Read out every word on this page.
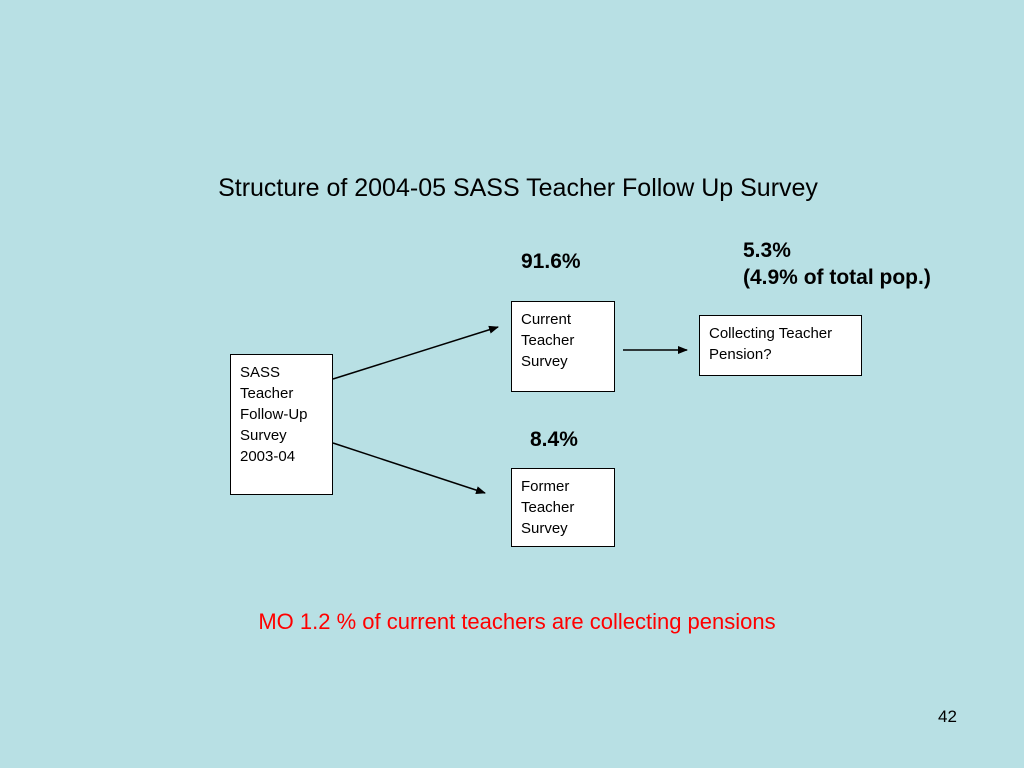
Structure of 2004-05 SASS Teacher Follow Up Survey
SASS
Teacher
Follow-Up
Survey
2003-04
Current
Teacher
Survey
Former
Teacher
Survey
Collecting Teacher
Pension?
91.6%
8.4%
5.3%
(4.9% of total pop.)
MO 1.2 % of current teachers are collecting pensions
42
